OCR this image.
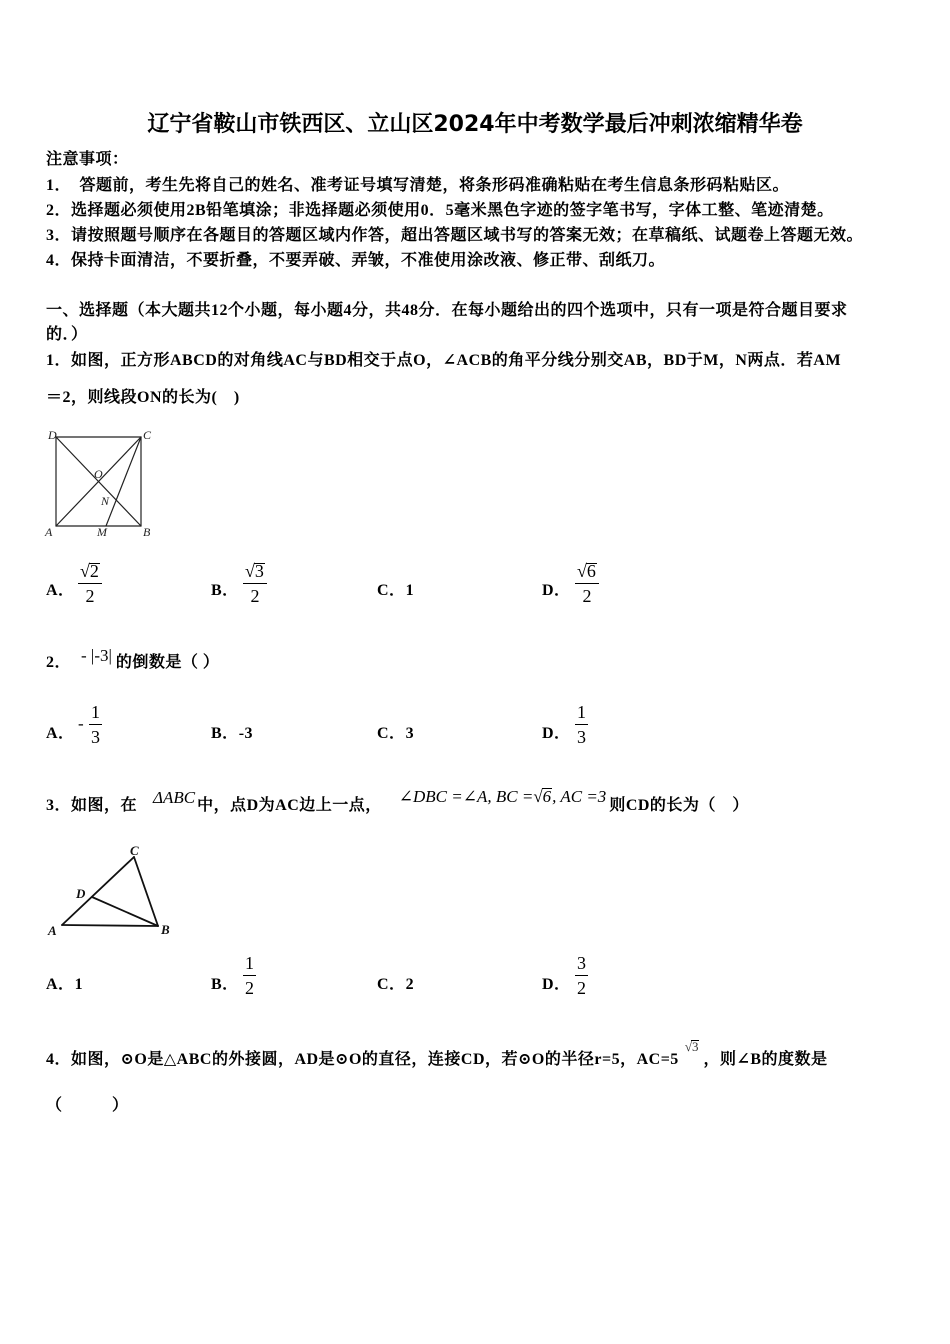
辽宁省鞍山市铁西区、立山区2024年中考数学最后冲刺浓缩精华卷
注意事项：
1．　答题前，考生先将自己的姓名、准考证号填写清楚，将条形码准确粘贴在考生信息条形码粘贴区。
2．选择题必须使用2B铅笔填涂；非选择题必须使用0．5毫米黑色字迹的签字笔书写，字体工整、笔迹清楚。
3．请按照题号顺序在各题目的答题区域内作答，超出答题区域书写的答案无效；在草稿纸、试题卷上答题无效。
4．保持卡面清洁，不要折叠，不要弄破、弄皱，不准使用涂改液、修正带、刮纸刀。
一、选择题（本大题共12个小题，每小题4分，共48分．在每小题给出的四个选项中，只有一项是符合题目要求
的．）
1．如图，正方形ABCD的对角线AC与BD相交于点O，∠ACB的角平分线分别交AB，BD于M，N两点．若AM
＝2，则线段ON的长为(　)
D	C
A	M	B
O
N
A．
√2
2	B．
√3
2	C．1	D．
√6
2
2． - |-3| 的倒数是（ ）
A．
-
1
3	B．-3	C．3	D．
1
3
3．如图，在 ΔABC 中，点D为AC边上一点， ∠DBC =∠A, BC =√6, AC =3 则CD的长为（　）
C
D
A	B
A．1	B．
1
2	C．2	D．
3
2
4．如图，⊙O是△ABC的外接圆，AD是⊙O的直径，连接CD，若⊙O的半径r=5，AC=5√3，则∠B的度数是
（　　　）
